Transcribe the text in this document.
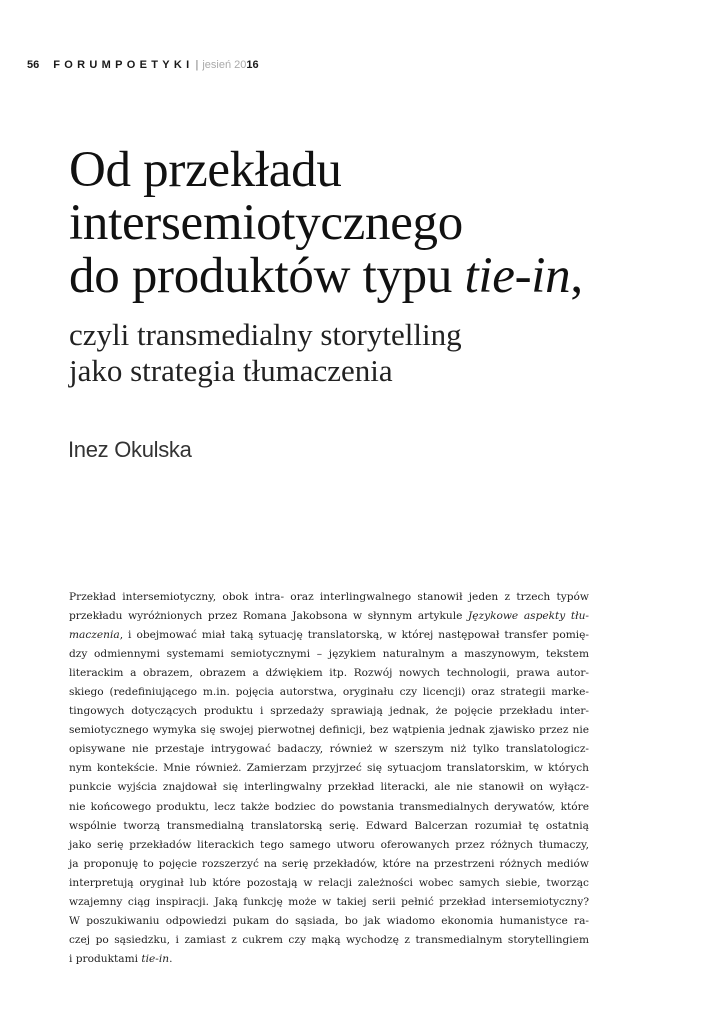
56 FORUMPOETYKI | jesień 2016
Od przekładu
intersemiotycznego
do produktów typu tie-in,
czyli transmedialny storytelling
jako strategia tłumaczenia

Inez Okulska

Przekład intersemiotyczny, obok intra- oraz interlingwalnego stanowił jeden z trzech typów
przekładu wyróżnionych przez Romana Jakobsona w słynnym artykule Językowe aspekty tłu-
maczenia, i obejmować miał taką sytuację translatorską, w której następował transfer pomię-
dzy odmiennymi systemami semiotycznymi – językiem naturalnym a maszynowym, tekstem
literackim a obrazem, obrazem a dźwiękiem itp. Rozwój nowych technologii, prawa autor-
skiego (redefiniującego m.in. pojęcia autorstwa, oryginału czy licencji) oraz strategii marke-
tingowych dotyczących produktu i sprzedaży sprawiają jednak, że pojęcie przekładu inter-
semiotycznego wymyka się swojej pierwotnej definicji, bez wątpienia jednak zjawisko przez nie
opisywane nie przestaje intrygować badaczy, również w szerszym niż tylko translatologicz-
nym kontekście. Mnie również. Zamierzam przyjrzeć się sytuacjom translatorskim, w których
punkcie wyjścia znajdował się interlingwalny przekład literacki, ale nie stanowił on wyłącz-
nie końcowego produktu, lecz także bodziec do powstania transmedialnych derywatów, które
wspólnie tworzą transmedialną translatorską serię. Edward Balcerzan rozumiał tę ostatnią
jako serię przekładów literackich tego samego utworu oferowanych przez różnych tłumaczy,
ja proponuję to pojęcie rozszerzyć na serię przekładów, które na przestrzeni różnych mediów
interpretują oryginał lub które pozostają w relacji zależności wobec samych siebie, tworząc
wzajemny ciąg inspiracji. Jaką funkcję może w takiej serii pełnić przekład intersemiotyczny?
W poszukiwaniu odpowiedzi pukam do sąsiada, bo jak wiadomo ekonomia humanistyce ra-
czej po sąsiedzku, i zamiast z cukrem czy mąką wychodzę z transmedialnym storytellingiem
i produktami tie-in.
